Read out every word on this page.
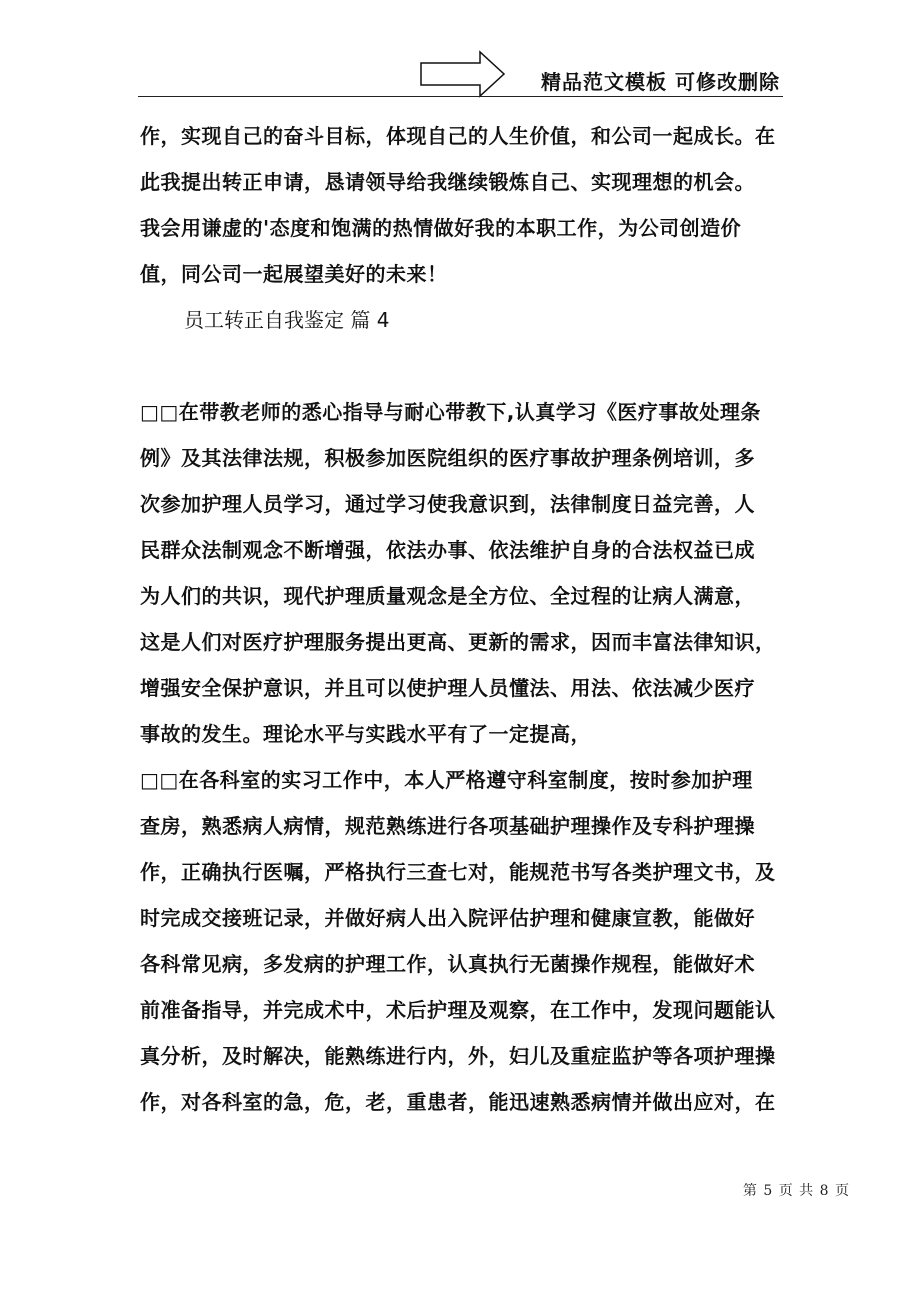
精品范文模板 可修改删除
作，实现自己的奋斗目标，体现自己的人生价值，和公司一起成长。在
此我提出转正申请，恳请领导给我继续锻炼自己、实现理想的机会。
我会用谦虚的'态度和饱满的热情做好我的本职工作，为公司创造价
值，同公司一起展望美好的未来！
员工转正自我鉴定 篇 4
□□在带教老师的悉心指导与耐心带教下,认真学习《医疗事故处理条
例》及其法律法规，积极参加医院组织的医疗事故护理条例培训，多
次参加护理人员学习，通过学习使我意识到，法律制度日益完善，人
民群众法制观念不断增强，依法办事、依法维护自身的合法权益已成
为人们的共识，现代护理质量观念是全方位、全过程的让病人满意，
这是人们对医疗护理服务提出更高、更新的需求，因而丰富法律知识，
增强安全保护意识，并且可以使护理人员懂法、用法、依法减少医疗
事故的发生。理论水平与实践水平有了一定提高，
□□在各科室的实习工作中，本人严格遵守科室制度，按时参加护理
查房，熟悉病人病情，规范熟练进行各项基础护理操作及专科护理操
作，正确执行医嘱，严格执行三查七对，能规范书写各类护理文书，及
时完成交接班记录，并做好病人出入院评估护理和健康宣教，能做好
各科常见病，多发病的护理工作，认真执行无菌操作规程，能做好术
前准备指导，并完成术中，术后护理及观察，在工作中，发现问题能认
真分析，及时解决，能熟练进行内，外，妇儿及重症监护等各项护理操
作，对各科室的急，危，老，重患者，能迅速熟悉病情并做出应对，在
第 5 页 共 8 页
